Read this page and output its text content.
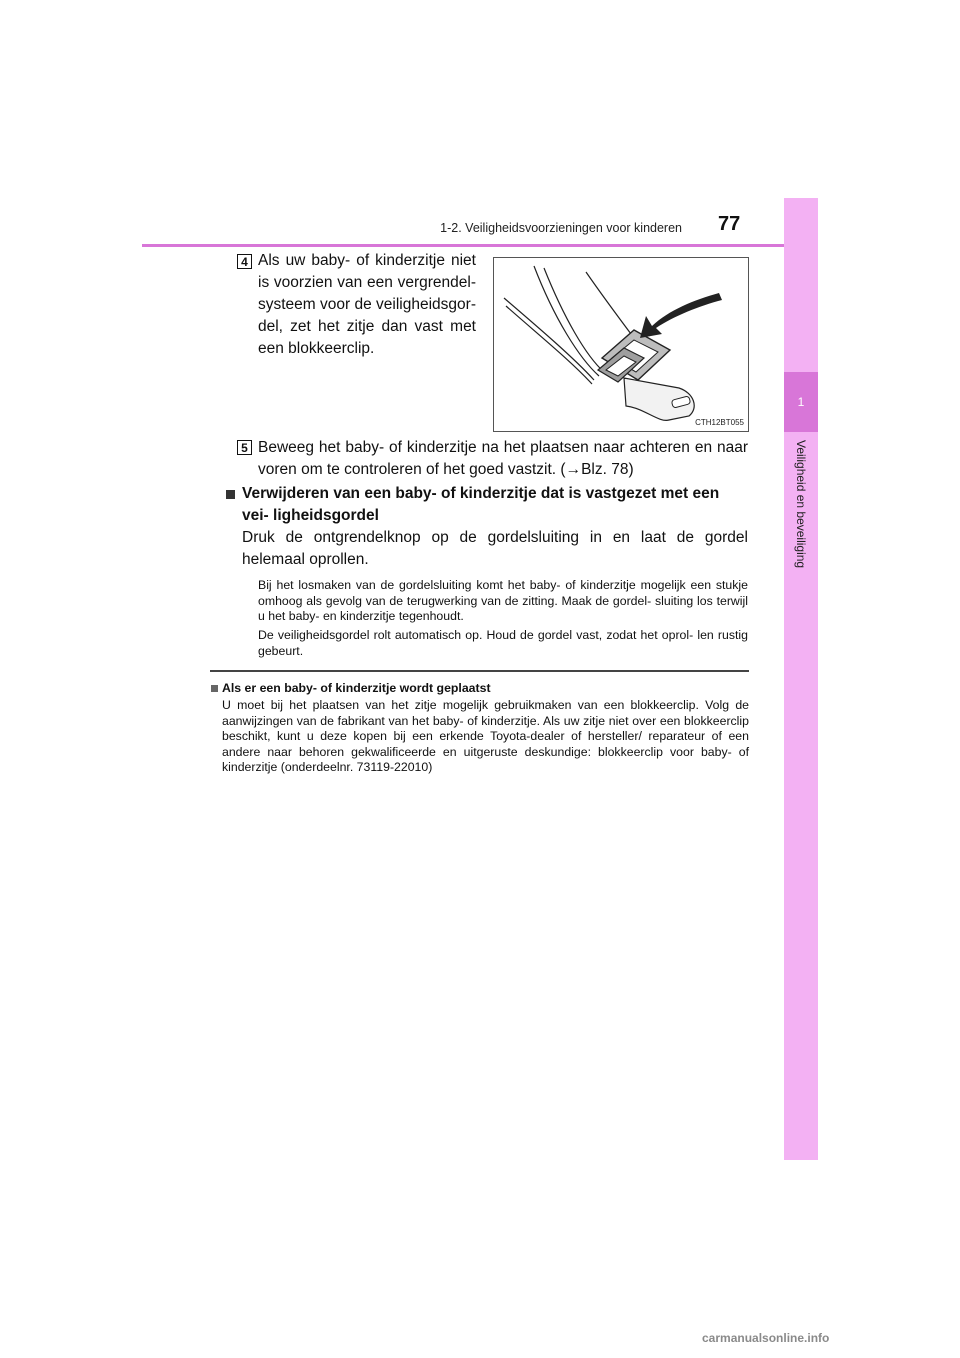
1-2. Veiligheidsvoorzieningen voor kinderen 77
1
Veiligheid en beveiliging
4 Als uw baby- of kinderzitje niet is voorzien van een vergrendel- systeem voor de veiligheidsgor- del, zet het zitje dan vast met een blokkeerclip.
CTH12BT055
5 Beweeg het baby- of kinderzitje na het plaatsen naar achteren en naar voren om te controleren of het goed vastzit. (→Blz. 78)
Verwijderen van een baby- of kinderzitje dat is vastgezet met een vei- ligheidsgordel
Druk de ontgrendelknop op de gordelsluiting in en laat de gordel helemaal oprollen.
Bij het losmaken van de gordelsluiting komt het baby- of kinderzitje mogelijk een stukje omhoog als gevolg van de terugwerking van de zitting. Maak de gordel- sluiting los terwijl u het baby- en kinderzitje tegenhoudt.
De veiligheidsgordel rolt automatisch op. Houd de gordel vast, zodat het oprol- len rustig gebeurt.
Als er een baby- of kinderzitje wordt geplaatst
U moet bij het plaatsen van het zitje mogelijk gebruikmaken van een blokkeerclip. Volg de aanwijzingen van de fabrikant van het baby- of kinderzitje. Als uw zitje niet over een blokkeerclip beschikt, kunt u deze kopen bij een erkende Toyota-dealer of hersteller/ reparateur of een andere naar behoren gekwalificeerde en uitgeruste deskundige: blokkeerclip voor baby- of kinderzitje (onderdeelnr. 73119-22010)
carmanualsonline.info
